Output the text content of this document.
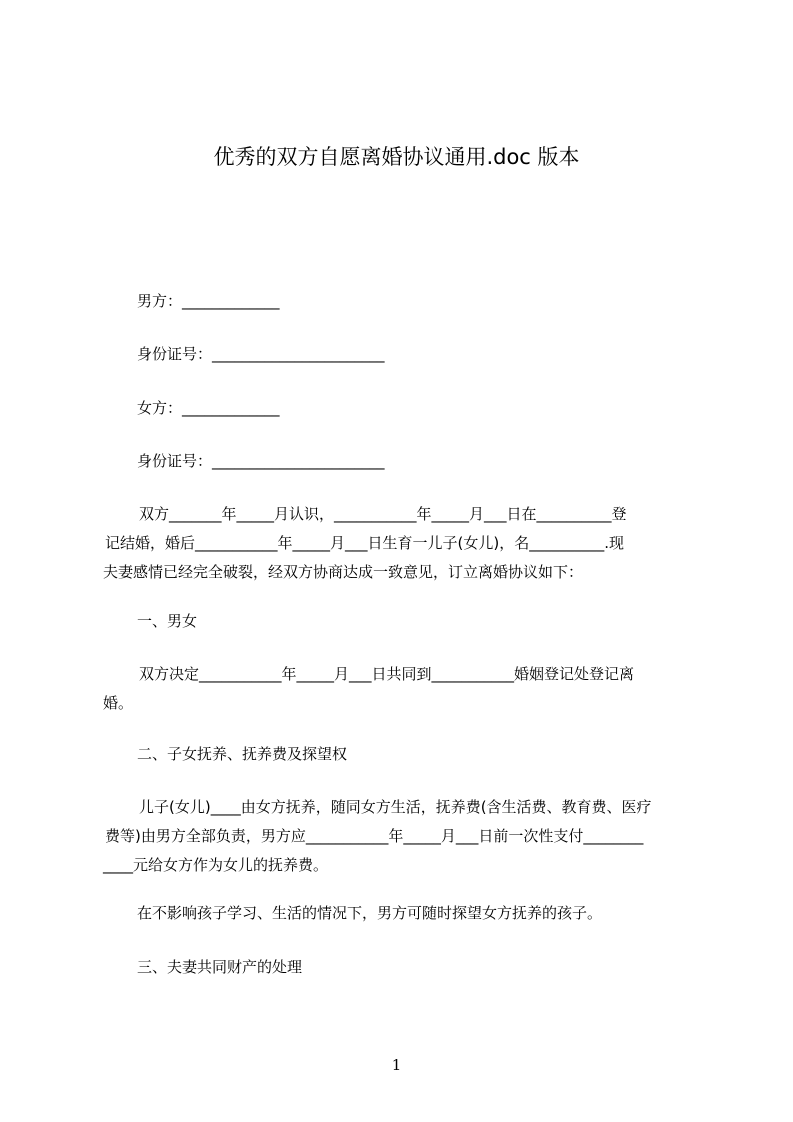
优秀的双方自愿离婚协议通用.doc 版本

男方：_____________

身份证号：_______________________

女方：_____________

身份证号：_______________________

双方_______年_____月认识，___________年_____月___日在__________登
记结婚，婚后___________年_____月___日生育一儿子(女儿)，名__________.现
夫妻感情已经完全破裂，经双方协商达成一致意见，订立离婚协议如下：

一、男女

双方决定___________年_____月___日共同到___________婚姻登记处登记离
婚。

二、子女抚养、抚养费及探望权

儿子(女儿)____由女方抚养，随同女方生活，抚养费(含生活费、教育费、医疗
费等)由男方全部负责，男方应___________年_____月___日前一次性支付________
____元给女方作为女儿的抚养费。

在不影响孩子学习、生活的情况下，男方可随时探望女方抚养的孩子。

三、夫妻共同财产的处理

1
